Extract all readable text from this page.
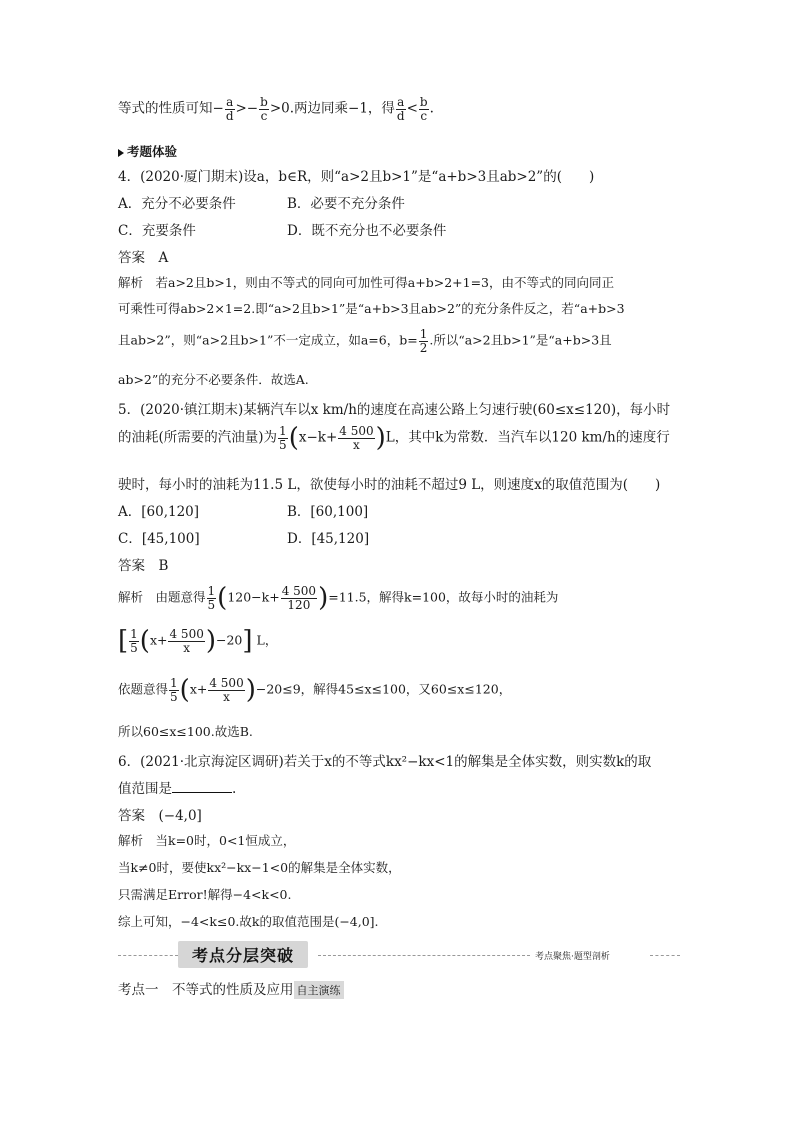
等式的性质可知− $\frac{a}{d} >- \frac{b}{c} >0$.两边同乘−1，得 $\frac{a}{d} < \frac{b}{c}$ .
考题体验
4．(2020·厦门期末)设a，b∈R，则“a>2且b>1”是“a+b>3且ab>2”的(　　)
A．充分不必要条件	B．必要不充分条件
C．充要条件	D．既不充分也不必要条件
答案　A
解析　若a>2且b>1，则由不等式的同向可加性可得a+b>2+1=3，由不等式的同向同正
可乘性可得ab>2×1=2.即“a>2且b>1”是“a+b>3且ab>2”的充分条件反之，若“a+b>3
且ab>2”，则“a>2且b>1”不一定成立，如a=6，$b= \frac{1}{2}$ .所以“a>2且b>1”是“a+b>3且
ab>2”的充分不必要条件．故选A.
5．(2020·镇江期末)某辆汽车以x km/h的速度在高速公路上匀速行驶(60≤x≤120)，每小时
的油耗(所需要的汽油量)为 $\frac{1}{5} (x-k+ \frac{4 500}{x} )L$，其中k为常数．当汽车以120 km/h的速度行
驶时，每小时的油耗为11.5 L，欲使每小时的油耗不超过9 L，则速度x的取值范围为(　　)
A．[60,120]	B．[60,100]
C．[45,100]	D．[45,120]
答案　B
解析　由题意得 $\frac{1}{5} (120-k+ \frac{4 500}{120} )=11.5$，解得k=100，故每小时的油耗为
[ $\frac{1}{5} (x+ \frac{4 500}{x} )-20$] L，
依题意得 $\frac{1}{5} (x+ \frac{4 500}{x} )-20\le 9$，解得45≤x≤100，又60≤x≤120，
所以60≤x≤100.故选B.
6．(2021·北京海淀区调研)若关于x的不等式kx²−kx<1的解集是全体实数，则实数k的取
值范围是	.
答案　(−4,0]
解析　当k=0时，0<1恒成立，
当k≠0时，要使kx²−kx−1<0的解集是全体实数，
只需满足Error!解得−4<k<0.
综上可知，−4<k≤0.故k的取值范围是(−4,0].
考点分层突破	考点聚焦·题型剖析
考点一　不等式的性质及应用 自主演练
